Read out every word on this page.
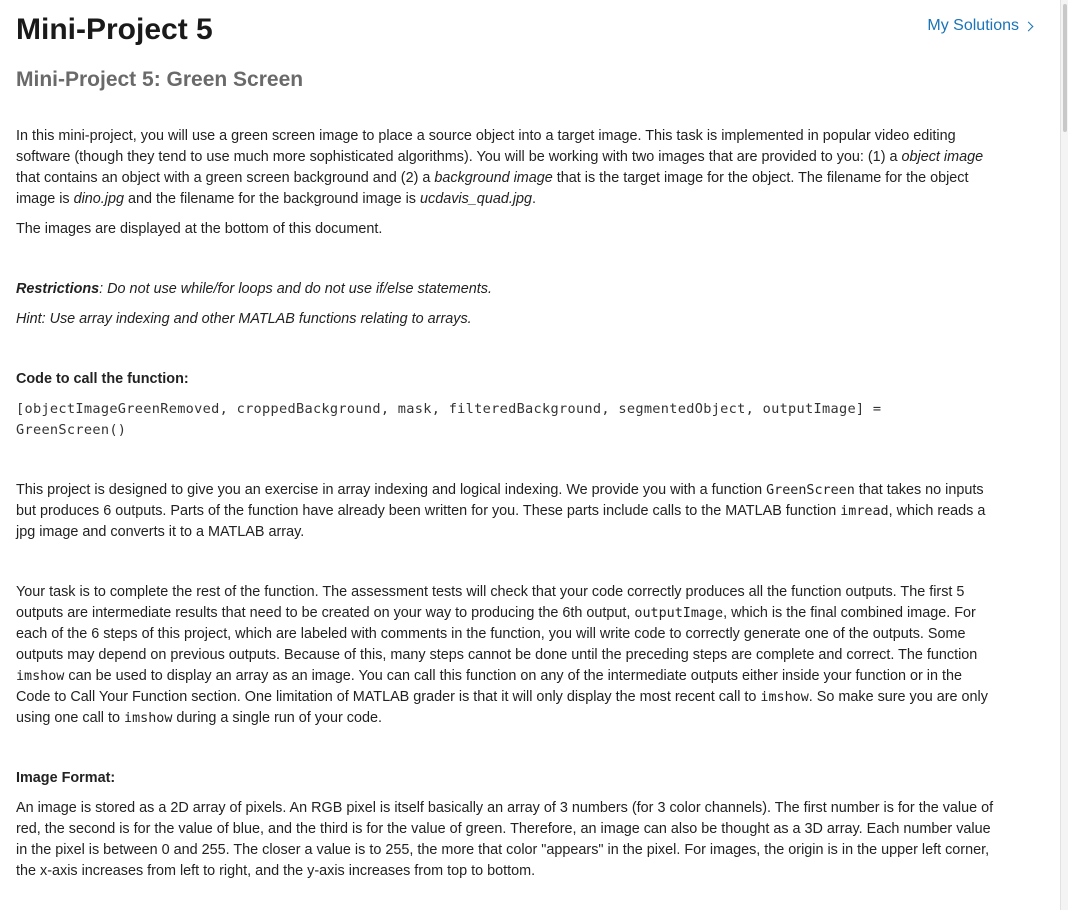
Mini-Project 5	My Solutions
Mini-Project 5: Green Screen

In this mini-project, you will use a green screen image to place a source object into a target image. This task is implemented in popular video editing software (though they tend to use much more sophisticated algorithms). You will be working with two images that are provided to you: (1) a object image that contains an object with a green screen background and (2) a background image that is the target image for the object. The filename for the object image is dino.jpg and the filename for the background image is ucdavis_quad.jpg.

The images are displayed at the bottom of this document.

Restrictions: Do not use while/for loops and do not use if/else statements.

Hint: Use array indexing and other MATLAB functions relating to arrays.

Code to call the function:

[objectImageGreenRemoved, croppedBackground, mask, filteredBackground, segmentedObject, outputImage] =
GreenScreen()

This project is designed to give you an exercise in array indexing and logical indexing. We provide you with a function GreenScreen that takes no inputs but produces 6 outputs. Parts of the function have already been written for you. These parts include calls to the MATLAB function imread, which reads a jpg image and converts it to a MATLAB array.

Your task is to complete the rest of the function. The assessment tests will check that your code correctly produces all the function outputs. The first 5 outputs are intermediate results that need to be created on your way to producing the 6th output, outputImage, which is the final combined image. For each of the 6 steps of this project, which are labeled with comments in the function, you will write code to correctly generate one of the outputs. Some outputs may depend on previous outputs. Because of this, many steps cannot be done until the preceding steps are complete and correct. The function imshow can be used to display an array as an image. You can call this function on any of the intermediate outputs either inside your function or in the Code to Call Your Function section. One limitation of MATLAB grader is that it will only display the most recent call to imshow. So make sure you are only using one call to imshow during a single run of your code.

Image Format:

An image is stored as a 2D array of pixels. An RGB pixel is itself basically an array of 3 numbers (for 3 color channels). The first number is for the value of red, the second is for the value of blue, and the third is for the value of green. Therefore, an image can also be thought as a 3D array. Each number value in the pixel is between 0 and 255. The closer a value is to 255, the more that color "appears" in the pixel. For images, the origin is in the upper left corner, the x-axis increases from left to right, and the y-axis increases from top to bottom.
